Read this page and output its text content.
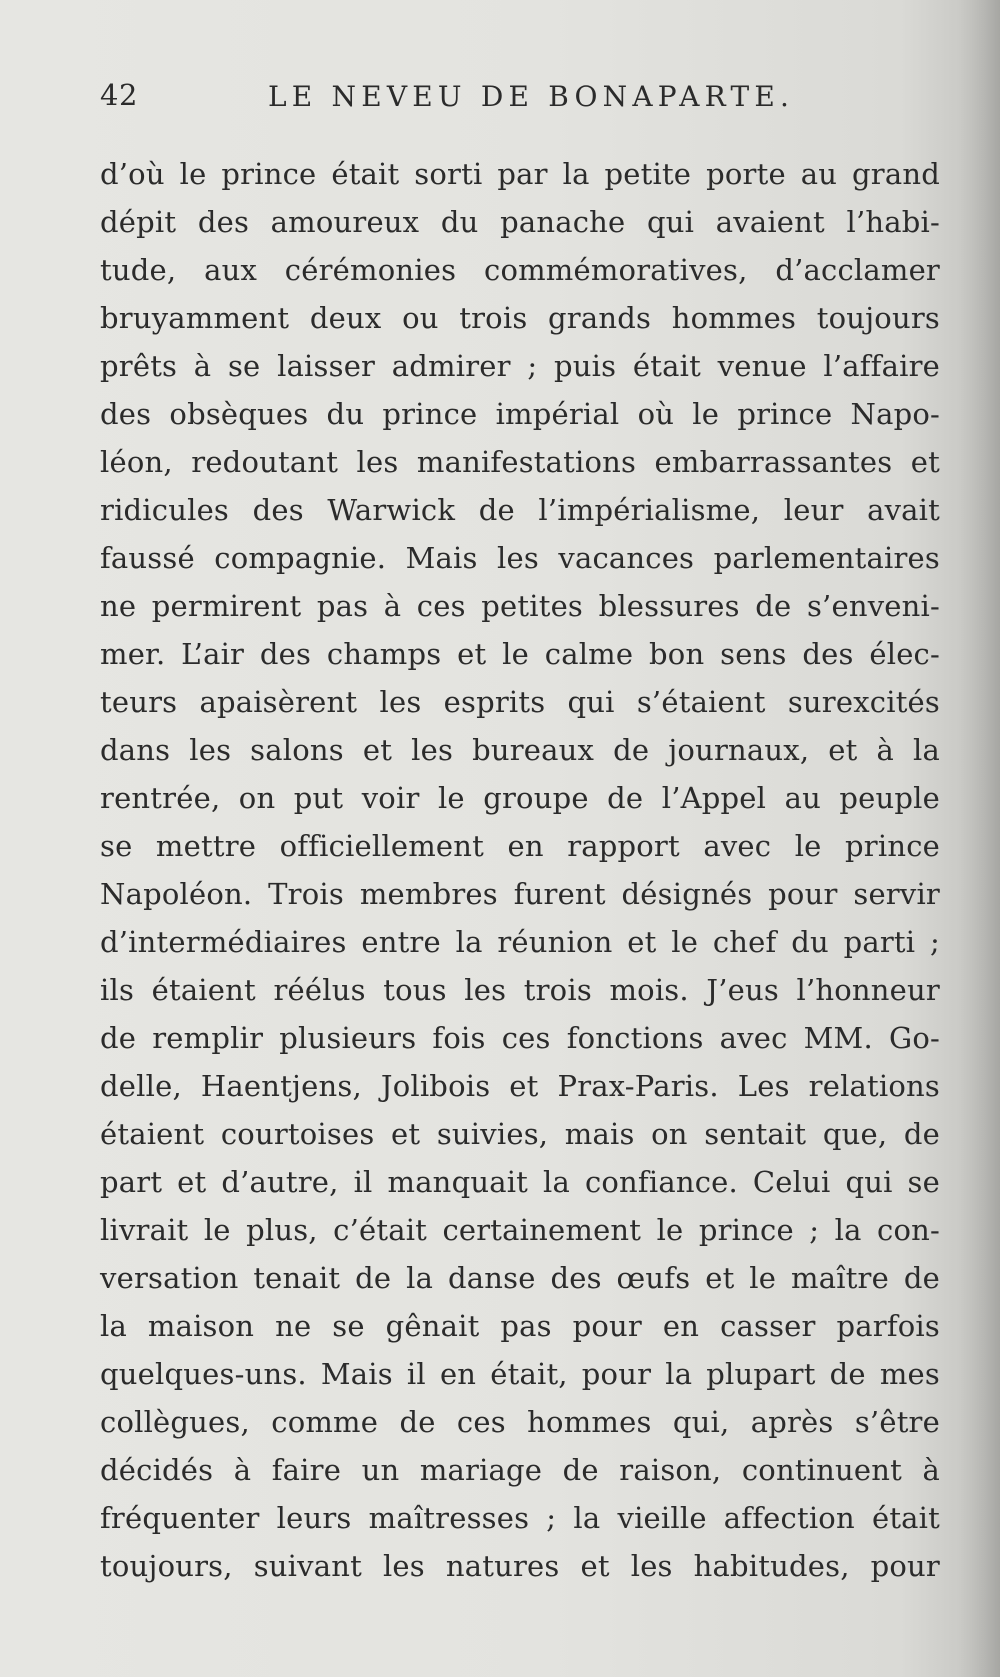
42	LE NEVEU DE BONAPARTE.
d’où le prince était sorti par la petite porte au grand
dépit des amoureux du panache qui avaient l’habi-
tude, aux cérémonies commémoratives, d’acclamer
bruyamment deux ou trois grands hommes toujours
prêts à se laisser admirer ; puis était venue l’affaire
des obsèques du prince impérial où le prince Napo-
léon, redoutant les manifestations embarrassantes et
ridicules des Warwick de l’impérialisme, leur avait
faussé compagnie. Mais les vacances parlementaires
ne permirent pas à ces petites blessures de s’enveni-
mer. L’air des champs et le calme bon sens des élec-
teurs apaisèrent les esprits qui s’étaient surexcités
dans les salons et les bureaux de journaux, et à la
rentrée, on put voir le groupe de l’Appel au peuple
se mettre officiellement en rapport avec le prince
Napoléon. Trois membres furent désignés pour servir
d’intermédiaires entre la réunion et le chef du parti ;
ils étaient réélus tous les trois mois. J’eus l’honneur
de remplir plusieurs fois ces fonctions avec MM. Go-
delle, Haentjens, Jolibois et Prax-Paris. Les relations
étaient courtoises et suivies, mais on sentait que, de
part et d’autre, il manquait la confiance. Celui qui se
livrait le plus, c’était certainement le prince ; la con-
versation tenait de la danse des œufs et le maître de
la maison ne se gênait pas pour en casser parfois
quelques-uns. Mais il en était, pour la plupart de mes
collègues, comme de ces hommes qui, après s’être
décidés à faire un mariage de raison, continuent à
fréquenter leurs maîtresses ; la vieille affection était
toujours, suivant les natures et les habitudes, pour
